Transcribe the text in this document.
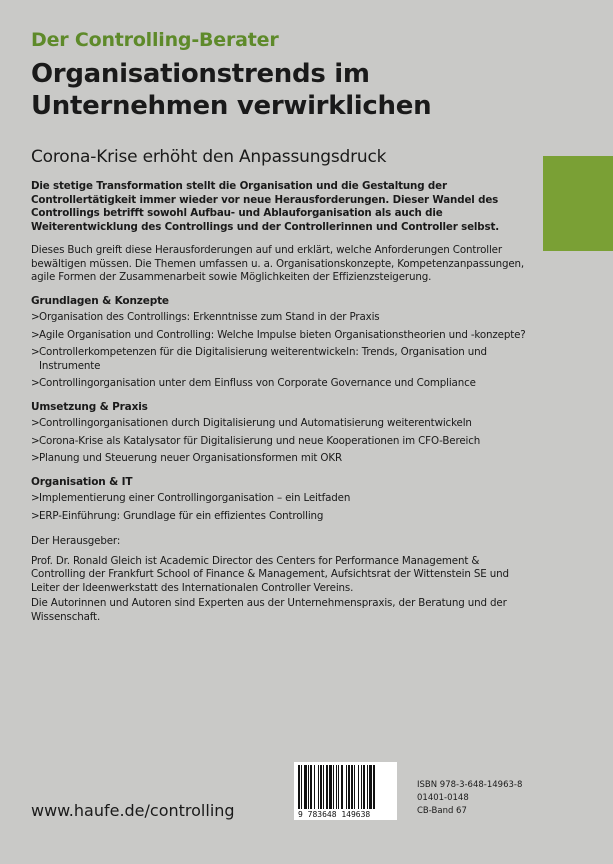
Der Controlling-Berater
Organisationstrends im
Unternehmen verwirklichen
Corona-Krise erhöht den Anpassungsdruck

Die stetige Transformation stellt die Organisation und die Gestaltung der Controllertätigkeit immer wieder vor neue Herausforderungen. Dieser Wandel des Controllings betrifft sowohl Aufbau- und Ablauforganisation als auch die Weiterentwicklung des Controllings und der Controllerinnen und Controller selbst.

Dieses Buch greift diese Herausforderungen auf und erklärt, welche Anforderungen Controller bewältigen müssen. Die Themen umfassen u. a. Organisationskonzepte, Kompetenzanpassungen, agile Formen der Zusammenarbeit sowie Möglichkeiten der Effizienzsteigerung.

Grundlagen & Konzepte
> Organisation des Controllings: Erkenntnisse zum Stand in der Praxis
> Agile Organisation und Controlling: Welche Impulse bieten Organisationstheorien und -konzepte?
> Controllerkompetenzen für die Digitalisierung weiterentwickeln: Trends, Organisation und Instrumente
> Controllingorganisation unter dem Einfluss von Corporate Governance und Compliance
Umsetzung & Praxis
> Controllingorganisationen durch Digitalisierung und Automatisierung weiterentwickeln
> Corona-Krise als Katalysator für Digitalisierung und neue Kooperationen im CFO-Bereich
> Planung und Steuerung neuer Organisationsformen mit OKR
Organisation & IT
> Implementierung einer Controllingorganisation – ein Leitfaden
> ERP-Einführung: Grundlage für ein effizientes Controlling

Der Herausgeber:

Prof. Dr. Ronald Gleich ist Academic Director des Centers for Performance Management & Controlling der Frankfurt School of Finance & Management, Aufsichtsrat der Wittenstein SE und Leiter der Ideenwerkstatt des Internationalen Controller Vereins.

Die Autorinnen und Autoren sind Experten aus der Unternehmenspraxis, der Beratung und der Wissenschaft.

www.haufe.de/controlling	9 783648 149638
ISBN 978-3-648-14963-8
01401-0148
CB-Band 67
